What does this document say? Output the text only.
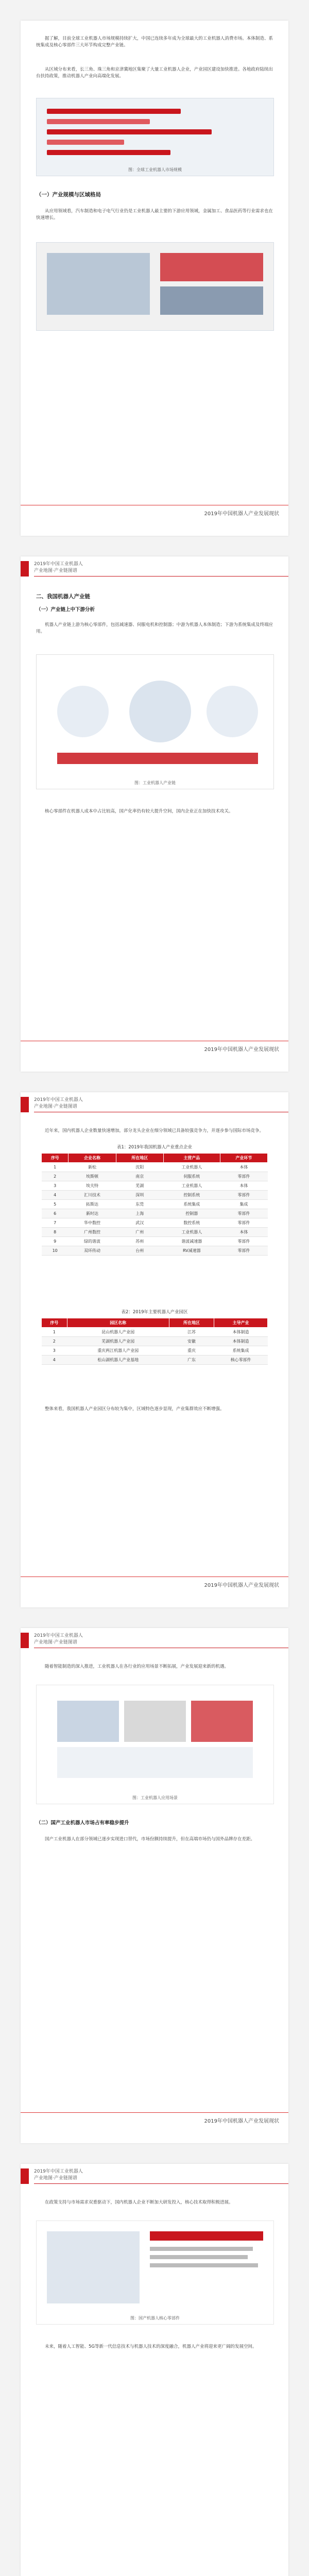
据了解，目前全球工业机器人市场规模持续扩大，中国已连续多年成为全球最大的工业机器人消费市场。本体制造、系统集成及核心零部件三大环节构成完整产业链。

从区域分布来看，长三角、珠三角和京津冀地区集聚了大量工业机器人企业，产业园区建设加快推进。各地政府陆续出台扶持政策，推动机器人产业向高端化发展。

图：全球工业机器人市场规模
（一）产业规模与区域格局

从应用领域看，汽车制造和电子电气行业仍是工业机器人最主要的下游应用领域，金属加工、食品医药等行业需求也在快速增长。

2019年中国机器人产业发展现状
2019年中国工业机器人
产业地图·产业链图谱
二、我国机器人产业链
（一）产业链上中下游分析

机器人产业链上游为核心零部件，包括减速器、伺服电机和控制器；中游为机器人本体制造；下游为系统集成及终端应用。

图：工业机器人产业链

核心零部件在机器人成本中占比较高，国产化率仍有较大提升空间，国内企业正在加快技术攻关。

2019年中国机器人产业发展现状
2019年中国工业机器人
产业地图·产业链图谱

近年来，国内机器人企业数量快速增加，部分龙头企业在细分领域已具备较强竞争力，并逐步参与国际市场竞争。

表1：2019年我国机器人产业重点企业
序号	企业名称	所在地区	主营产品	产业环节
1	新松	沈阳	工业机器人	本体
2	埃斯顿	南京	伺服系统	零部件
3	埃夫特	芜湖	工业机器人	本体
4	汇川技术	深圳	控制系统	零部件
5	拓斯达	东莞	系统集成	集成
6	新时达	上海	控制器	零部件
7	华中数控	武汉	数控系统	零部件
8	广州数控	广州	工业机器人	本体
9	绿的谐波	苏州	谐波减速器	零部件
10	双环传动	台州	RV减速器	零部件
表2：2019年主要机器人产业园区
序号	园区名称	所在地区	主导产业
1	昆山机器人产业园	江苏	本体制造
2	芜湖机器人产业园	安徽	本体制造
3	重庆两江机器人产业园	重庆	系统集成
4	松山湖机器人产业基地	广东	核心零部件

整体来看，我国机器人产业园区分布较为集中，区域特色逐步显现，产业集群效应不断增强。

2019年中国机器人产业发展现状
2019年中国工业机器人
产业地图·产业链图谱

随着智能制造的深入推进，工业机器人在各行业的应用场景不断拓展，产业发展迎来新的机遇。

图：工业机器人应用场景
（二）国产工业机器人市场占有率稳步提升

国产工业机器人在部分领域已逐步实现进口替代，市场份额持续提升，但在高端市场仍与国外品牌存在差距。

2019年中国机器人产业发展现状
2019年中国工业机器人
产业地图·产业链图谱

在政策支持与市场需求双重驱动下，国内机器人企业不断加大研发投入，核心技术取得积极进展。

图：国产机器人核心零部件

未来，随着人工智能、5G等新一代信息技术与机器人技术的深度融合，机器人产业将迎来更广阔的发展空间。
